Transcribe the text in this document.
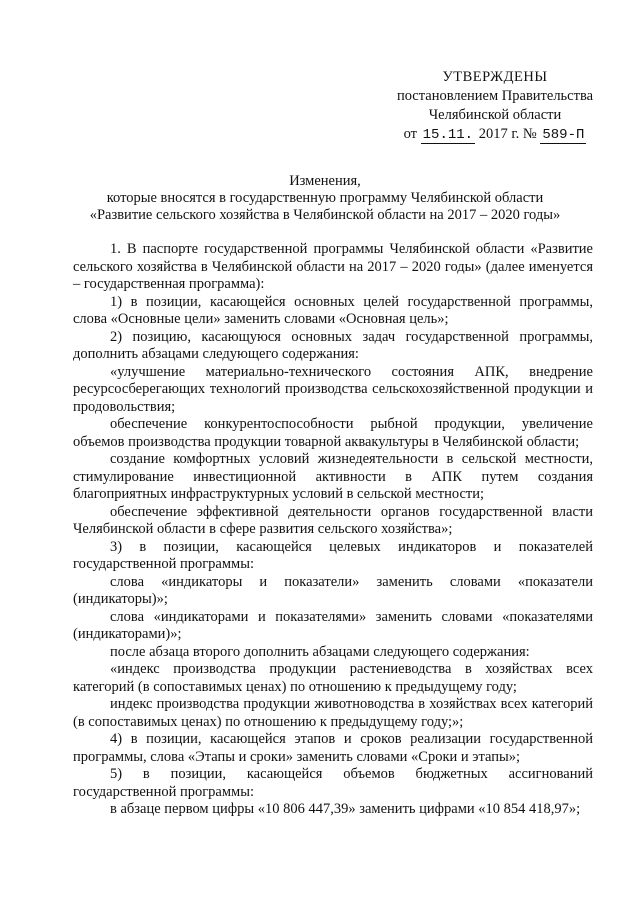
УТВЕРЖДЕНЫ
постановлением Правительства
Челябинской области
от 15.11. 2017 г. № 589-П
Изменения,
которые вносятся в государственную программу Челябинской области
«Развитие сельского хозяйства в Челябинской области на 2017 – 2020 годы»

1. В паспорте государственной программы Челябинской области «Развитие сельского хозяйства в Челябинской области на 2017 – 2020 годы» (далее именуется – государственная программа):

1) в позиции, касающейся основных целей государственной программы, слова «Основные цели» заменить словами «Основная цель»;

2) позицию, касающуюся основных задач государственной программы, дополнить абзацами следующего содержания:

«улучшение материально-технического состояния АПК, внедрение ресурсосберегающих технологий производства сельскохозяйственной продукции и продовольствия;

обеспечение конкурентоспособности рыбной продукции, увеличение объемов производства продукции товарной аквакультуры в Челябинской области;

создание комфортных условий жизнедеятельности в сельской местности, стимулирование инвестиционной активности в АПК путем создания благоприятных инфраструктурных условий в сельской местности;

обеспечение эффективной деятельности органов государственной власти Челябинской области в сфере развития сельского хозяйства»;

3) в позиции, касающейся целевых индикаторов и показателей государственной программы:

слова «индикаторы и показатели» заменить словами «показатели (индикаторы)»;

слова «индикаторами и показателями» заменить словами «показателями (индикаторами)»;

после абзаца второго дополнить абзацами следующего содержания:

«индекс производства продукции растениеводства в хозяйствах всех категорий (в сопоставимых ценах) по отношению к предыдущему году;

индекс производства продукции животноводства в хозяйствах всех категорий (в сопоставимых ценах) по отношению к предыдущему году;»;

4) в позиции, касающейся этапов и сроков реализации государственной программы, слова «Этапы и сроки» заменить словами «Сроки и этапы»;

5) в позиции, касающейся объемов бюджетных ассигнований государственной программы:

в абзаце первом цифры «10 806 447,39» заменить цифрами «10 854 418,97»;
